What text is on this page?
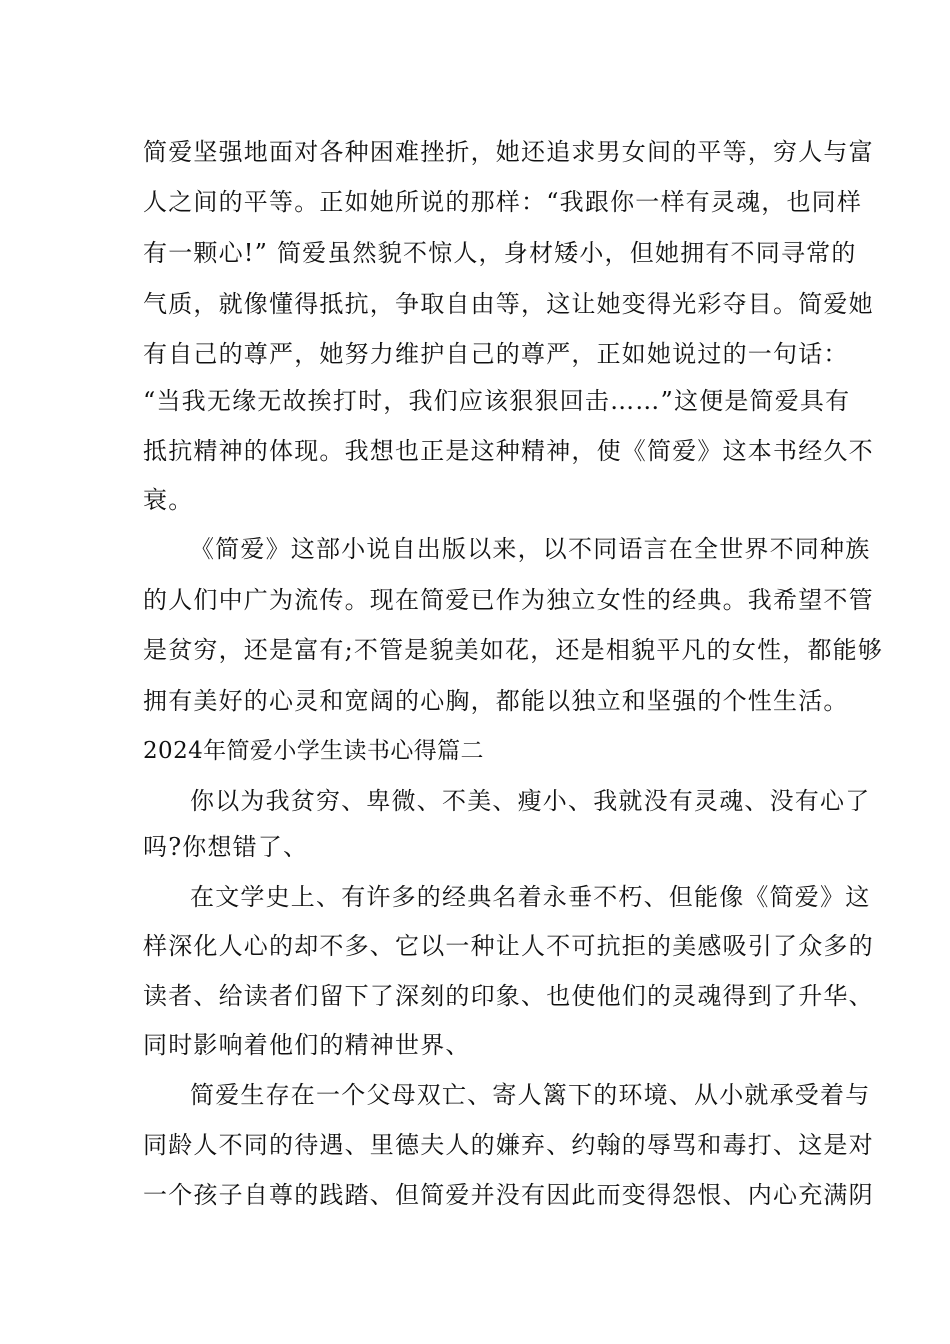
简爱坚强地面对各种困难挫折，她还追求男女间的平等，穷人与富
人之间的平等。正如她所说的那样：“我跟你一样有灵魂，也同样
有一颗心!” 简爱虽然貌不惊人，身材矮小，但她拥有不同寻常的
气质，就像懂得抵抗，争取自由等，这让她变得光彩夺目。简爱她
有自己的尊严，她努力维护自己的尊严，正如她说过的一句话：
“当我无缘无故挨打时，我们应该狠狠回击……”这便是简爱具有
抵抗精神的体现。我想也正是这种精神，使《简爱》这本书经久不
衰。
《简爱》这部小说自出版以来，以不同语言在全世界不同种族
的人们中广为流传。现在简爱已作为独立女性的经典。我希望不管
是贫穷，还是富有;不管是貌美如花，还是相貌平凡的女性，都能够
拥有美好的心灵和宽阔的心胸，都能以独立和坚强的个性生活。
2024年简爱小学生读书心得篇二
你以为我贫穷、卑微、不美、瘦小、我就没有灵魂、没有心了
吗?你想错了、
在文学史上、有许多的经典名着永垂不朽、但能像《简爱》这
样深化人心的却不多、它以一种让人不可抗拒的美感吸引了众多的
读者、给读者们留下了深刻的印象、也使他们的灵魂得到了升华、
同时影响着他们的精神世界、
简爱生存在一个父母双亡、寄人篱下的环境、从小就承受着与
同龄人不同的待遇、里德夫人的嫌弃、约翰的辱骂和毒打、这是对
一个孩子自尊的践踏、但简爱并没有因此而变得怨恨、内心充满阴
